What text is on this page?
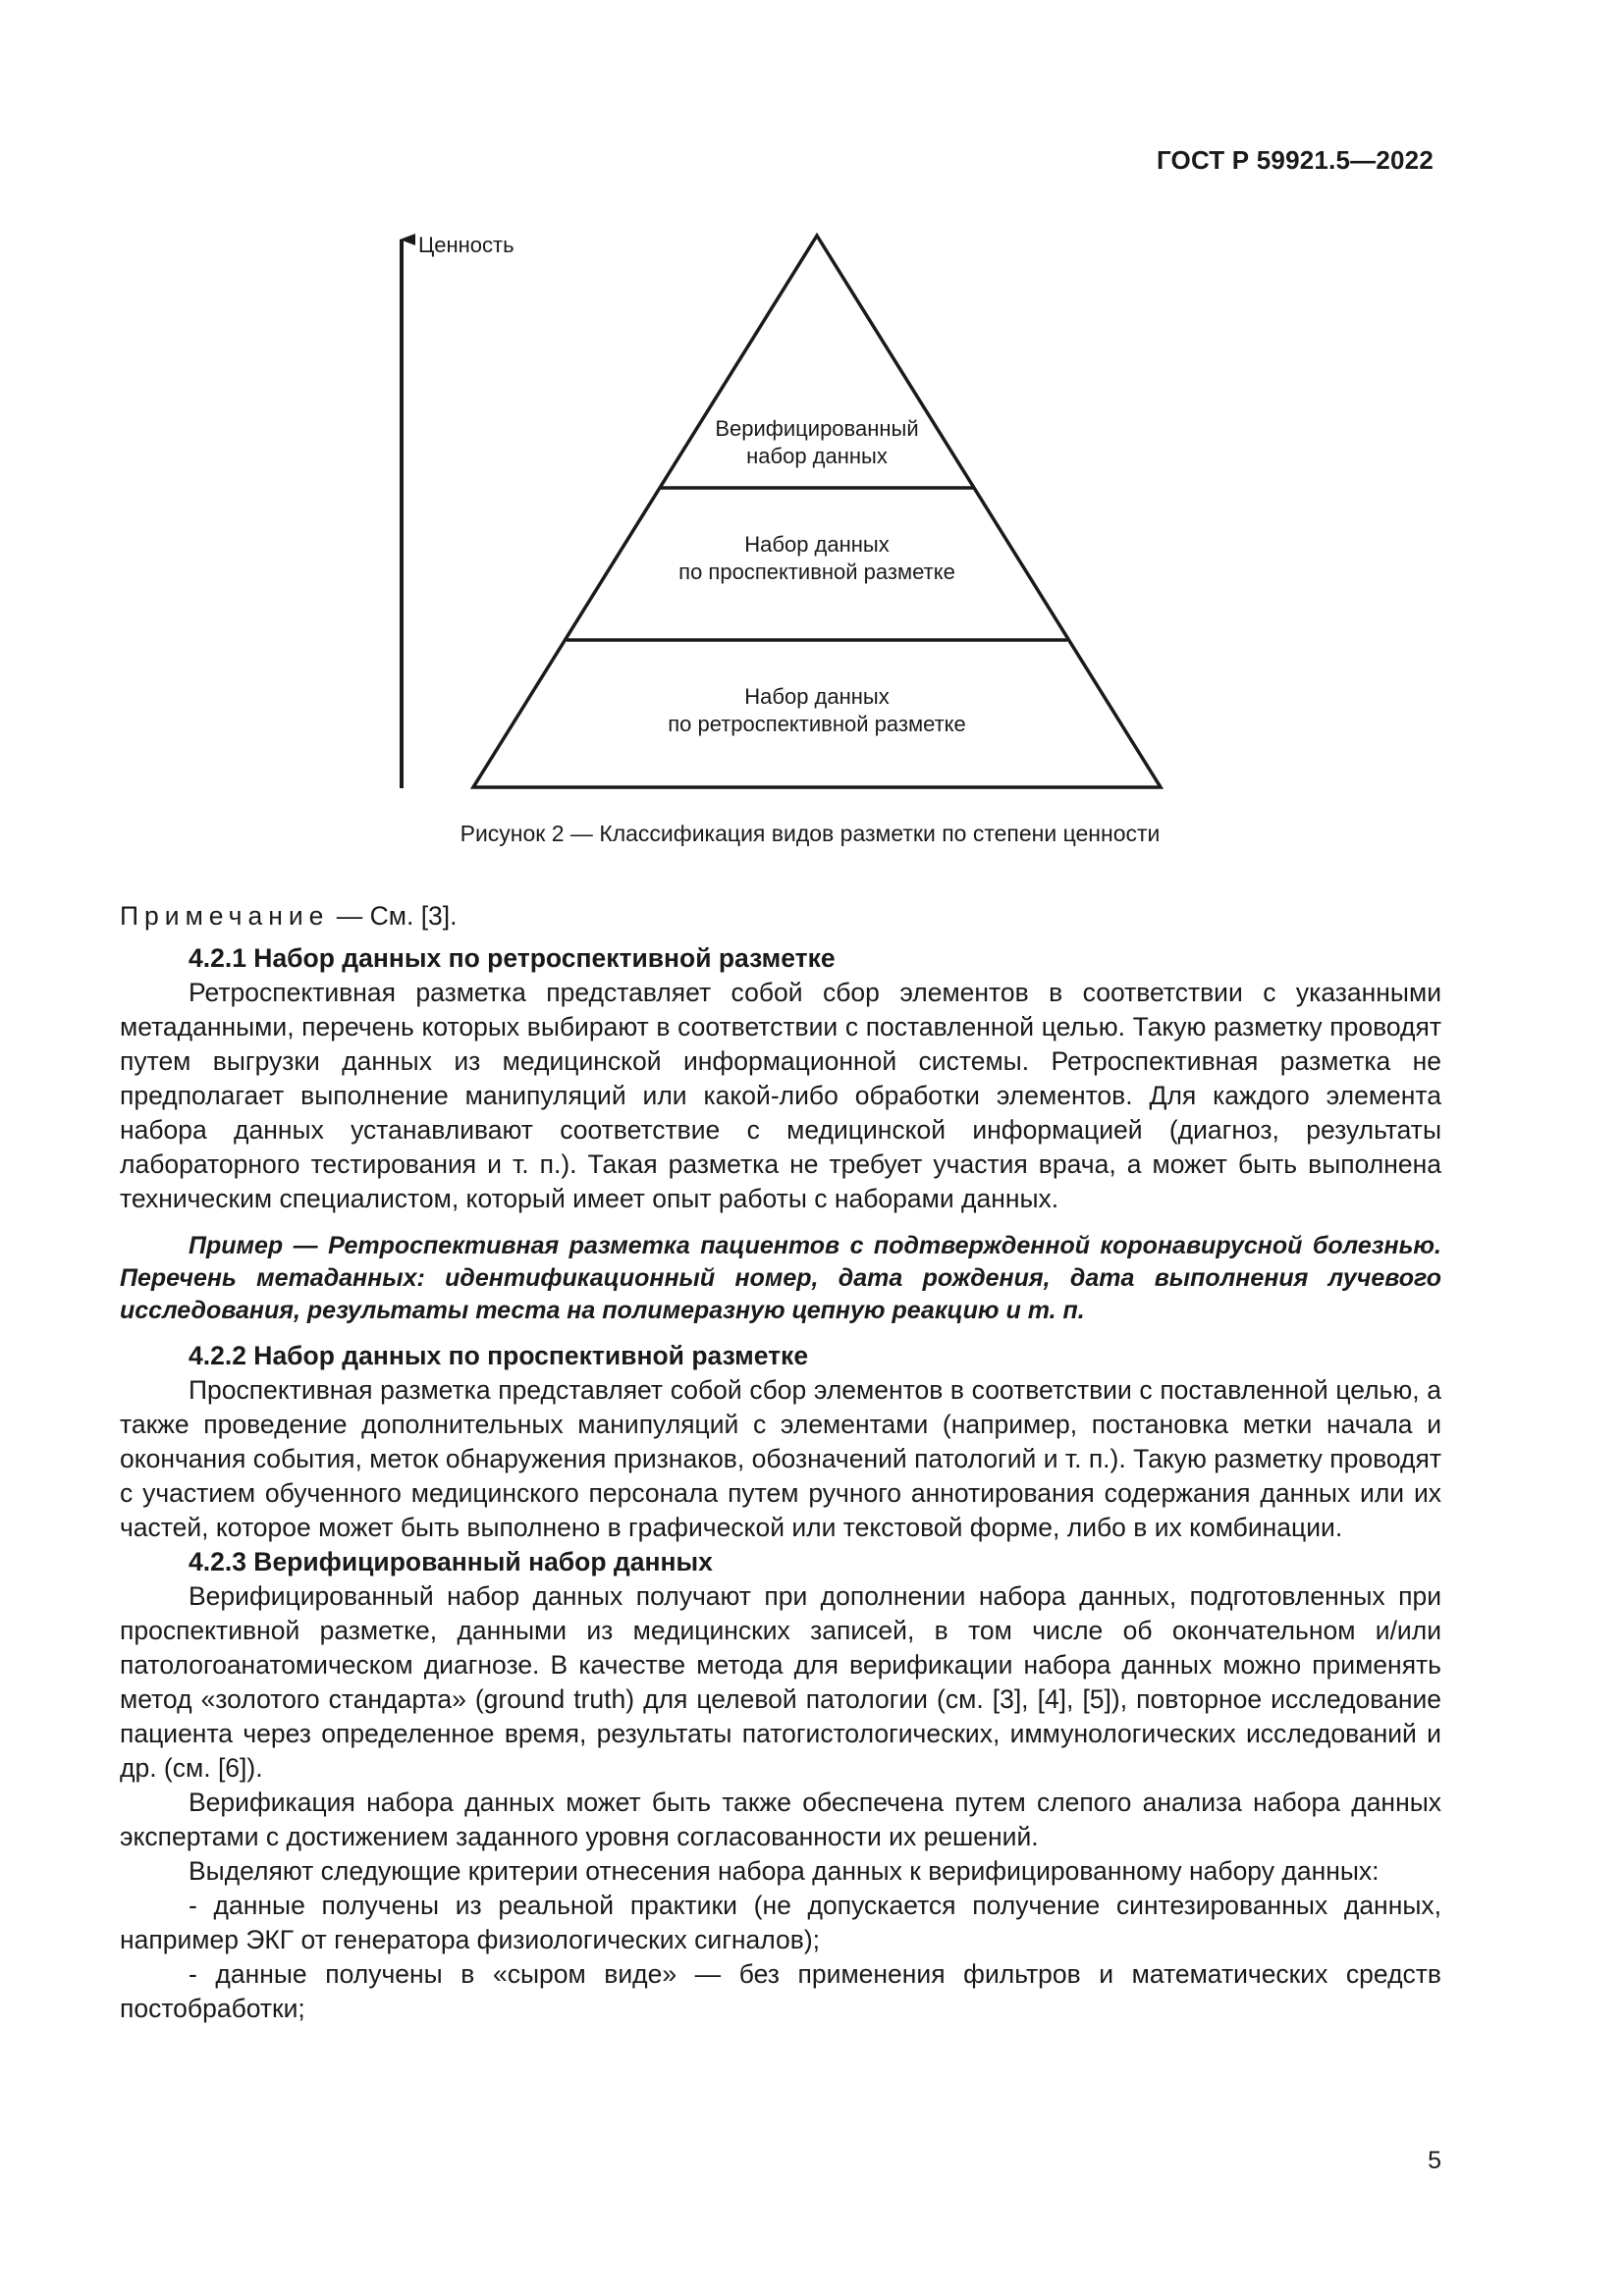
ГОСТ Р 59921.5—2022
Ценность
Верифицированный
набор данных
Набор данных
по проспективной разметке
Набор данных
по ретроспективной разметке
Рисунок 2 — Классификация видов разметки по степени ценности

Примечание — См. [3].

4.2.1 Набор данных по ретроспективной разметке

Ретроспективная разметка представляет собой сбор элементов в соответствии с указанными метаданными, перечень которых выбирают в соответствии с поставленной целью. Такую разметку проводят путем выгрузки данных из медицинской информационной системы. Ретроспективная разметка не предполагает выполнение манипуляций или какой-либо обработки элементов. Для каждого элемента набора данных устанавливают соответствие с медицинской информацией (диагноз, результаты лабораторного тестирования и т. п.). Такая разметка не требует участия врача, а может быть выполнена техническим специалистом, который имеет опыт работы с наборами данных.

Пример — Ретроспективная разметка пациентов с подтвержденной коронавирусной болезнью. Перечень метаданных: идентификационный номер, дата рождения, дата выполнения лучевого исследования, результаты теста на полимеразную цепную реакцию и т. п.

4.2.2 Набор данных по проспективной разметке

Проспективная разметка представляет собой сбор элементов в соответствии с поставленной целью, а также проведение дополнительных манипуляций с элементами (например, постановка метки начала и окончания события, меток обнаружения признаков, обозначений патологий и т. п.). Такую разметку проводят с участием обученного медицинского персонала путем ручного аннотирования содержания данных или их частей, которое может быть выполнено в графической или текстовой форме, либо в их комбинации.

4.2.3 Верифицированный набор данных

Верифицированный набор данных получают при дополнении набора данных, подготовленных при проспективной разметке, данными из медицинских записей, в том числе об окончательном и/или патологоанатомическом диагнозе. В качестве метода для верификации набора данных можно применять метод «золотого стандарта» (ground truth) для целевой патологии (см. [3], [4], [5]), повторное исследование пациента через определенное время, результаты патогистологических, иммунологических исследований и др. (см. [6]).

Верификация набора данных может быть также обеспечена путем слепого анализа набора данных экспертами с достижением заданного уровня согласованности их решений.

Выделяют следующие критерии отнесения набора данных к верифицированному набору данных:

- данные получены из реальной практики (не допускается получение синтезированных данных, например ЭКГ от генератора физиологических сигналов);

- данные получены в «сыром виде» — без применения фильтров и математических средств постобработки;

5
